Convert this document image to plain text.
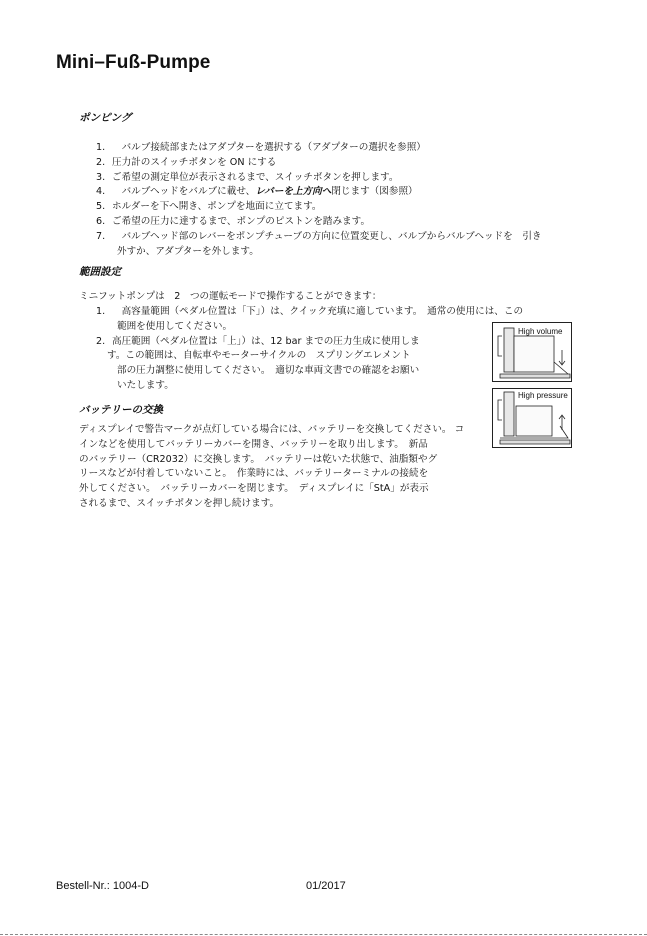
Mini–Fuß-Pumpe
ポンピング
1. 　バルブ接続部またはアダプターを選択する（アダプターの選択を参照）
2. 圧力計のスイッチボタンを ON にする
3. ご希望の測定単位が表示されるまで、スイッチボタンを押します。
4. 　バルブヘッドをバルブに載せ、レバーを上方向へ閉じます（図参照）
5. ホルダーを下へ開き、ポンプを地面に立てます。
6. ご希望の圧力に達するまで、ポンプのピストンを踏みます。
7. 　バルブヘッド部のレバーをポンプチューブの方向に位置変更し、バルブからバルブヘッドを　引き
外すか、アダプターを外します。
範囲設定

ミニフットポンプは　2　つの運転モードで操作することができます：

1. 　高容量範囲（ペダル位置は「下」）は、クイック充填に適しています。　通常の使用には、この
範囲を使用してください。
2. 高圧範囲（ペダル位置は「上」）は、12 bar までの圧力生成に使用しま
す。この範囲は、自転車やモーターサイクルの　スプリングエレメント
部の圧力調整に使用してください。　適切な車両文書での確認をお願い
いたします。
High volume
High pressure
バッテリーの交換
ディスプレイで警告マークが点灯している場合には、バッテリーを交換してください。 コ
インなどを使用してバッテリーカバーを開き、バッテリーを取り出します。　新品
のバッテリー（CR2032）に交換します。　バッテリーは乾いた状態で、油脂類やグ
リースなどが付着していないこと。　作業時には、バッテリーターミナルの接続を
外してください。　バッテリーカバーを閉じます。　ディスプレイに「StA」が表示
されるまで、スイッチボタンを押し続けます。

Bestell-Nr.: 1004-D	01/2017
